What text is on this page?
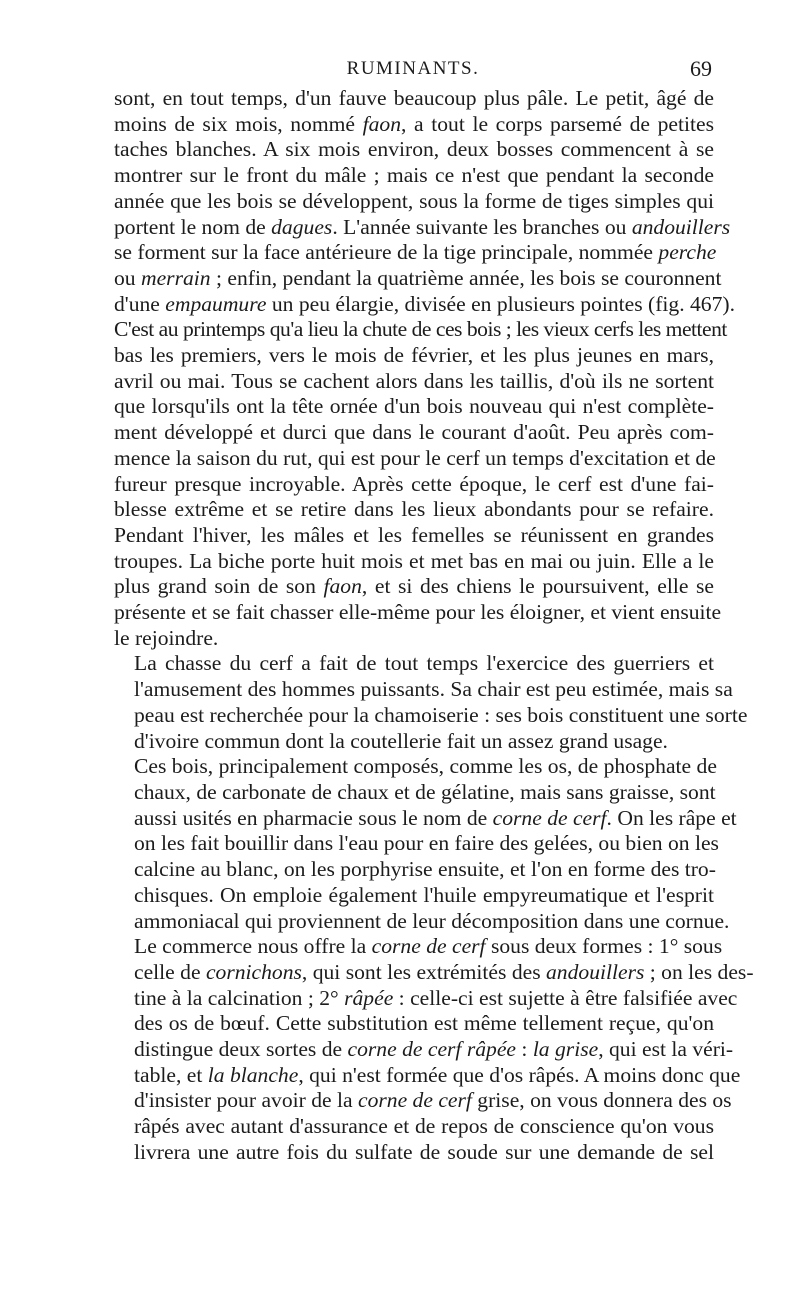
RUMINANTS.	69

sont, en tout temps, d'un fauve beaucoup plus pâle. Le petit, âgé de
moins de six mois, nommé faon, a tout le corps parsemé de petites
taches blanches. A six mois environ, deux bosses commencent à se
montrer sur le front du mâle ; mais ce n'est que pendant la seconde
année que les bois se développent, sous la forme de tiges simples qui
portent le nom de dagues. L'année suivante les branches ou andouillers
se forment sur la face antérieure de la tige principale, nommée perche
ou merrain ; enfin, pendant la quatrième année, les bois se couronnent
d'une empaumure un peu élargie, divisée en plusieurs pointes (fig. 467).
C'est au printemps qu'a lieu la chute de ces bois ; les vieux cerfs les mettent
bas les premiers, vers le mois de février, et les plus jeunes en mars,
avril ou mai. Tous se cachent alors dans les taillis, d'où ils ne sortent
que lorsqu'ils ont la tête ornée d'un bois nouveau qui n'est complète-
ment développé et durci que dans le courant d'août. Peu après com-
mence la saison du rut, qui est pour le cerf un temps d'excitation et de
fureur presque incroyable. Après cette époque, le cerf est d'une fai-
blesse extrême et se retire dans les lieux abondants pour se refaire.
Pendant l'hiver, les mâles et les femelles se réunissent en grandes
troupes. La biche porte huit mois et met bas en mai ou juin. Elle a le
plus grand soin de son faon, et si des chiens le poursuivent, elle se
présente et se fait chasser elle-même pour les éloigner, et vient ensuite
le rejoindre.

La chasse du cerf a fait de tout temps l'exercice des guerriers et
l'amusement des hommes puissants. Sa chair est peu estimée, mais sa
peau est recherchée pour la chamoiserie : ses bois constituent une sorte
d'ivoire commun dont la coutellerie fait un assez grand usage.

Ces bois, principalement composés, comme les os, de phosphate de
chaux, de carbonate de chaux et de gélatine, mais sans graisse, sont
aussi usités en pharmacie sous le nom de corne de cerf. On les râpe et
on les fait bouillir dans l'eau pour en faire des gelées, ou bien on les
calcine au blanc, on les porphyrise ensuite, et l'on en forme des tro-
chisques. On emploie également l'huile empyreumatique et l'esprit
ammoniacal qui proviennent de leur décomposition dans une cornue.

Le commerce nous offre la corne de cerf sous deux formes : 1° sous
celle de cornichons, qui sont les extrémités des andouillers ; on les des-
tine à la calcination ; 2° râpée : celle-ci est sujette à être falsifiée avec
des os de bœuf. Cette substitution est même tellement reçue, qu'on
distingue deux sortes de corne de cerf râpée : la grise, qui est la véri-
table, et la blanche, qui n'est formée que d'os râpés. A moins donc que
d'insister pour avoir de la corne de cerf grise, on vous donnera des os
râpés avec autant d'assurance et de repos de conscience qu'on vous
livrera une autre fois du sulfate de soude sur une demande de sel
